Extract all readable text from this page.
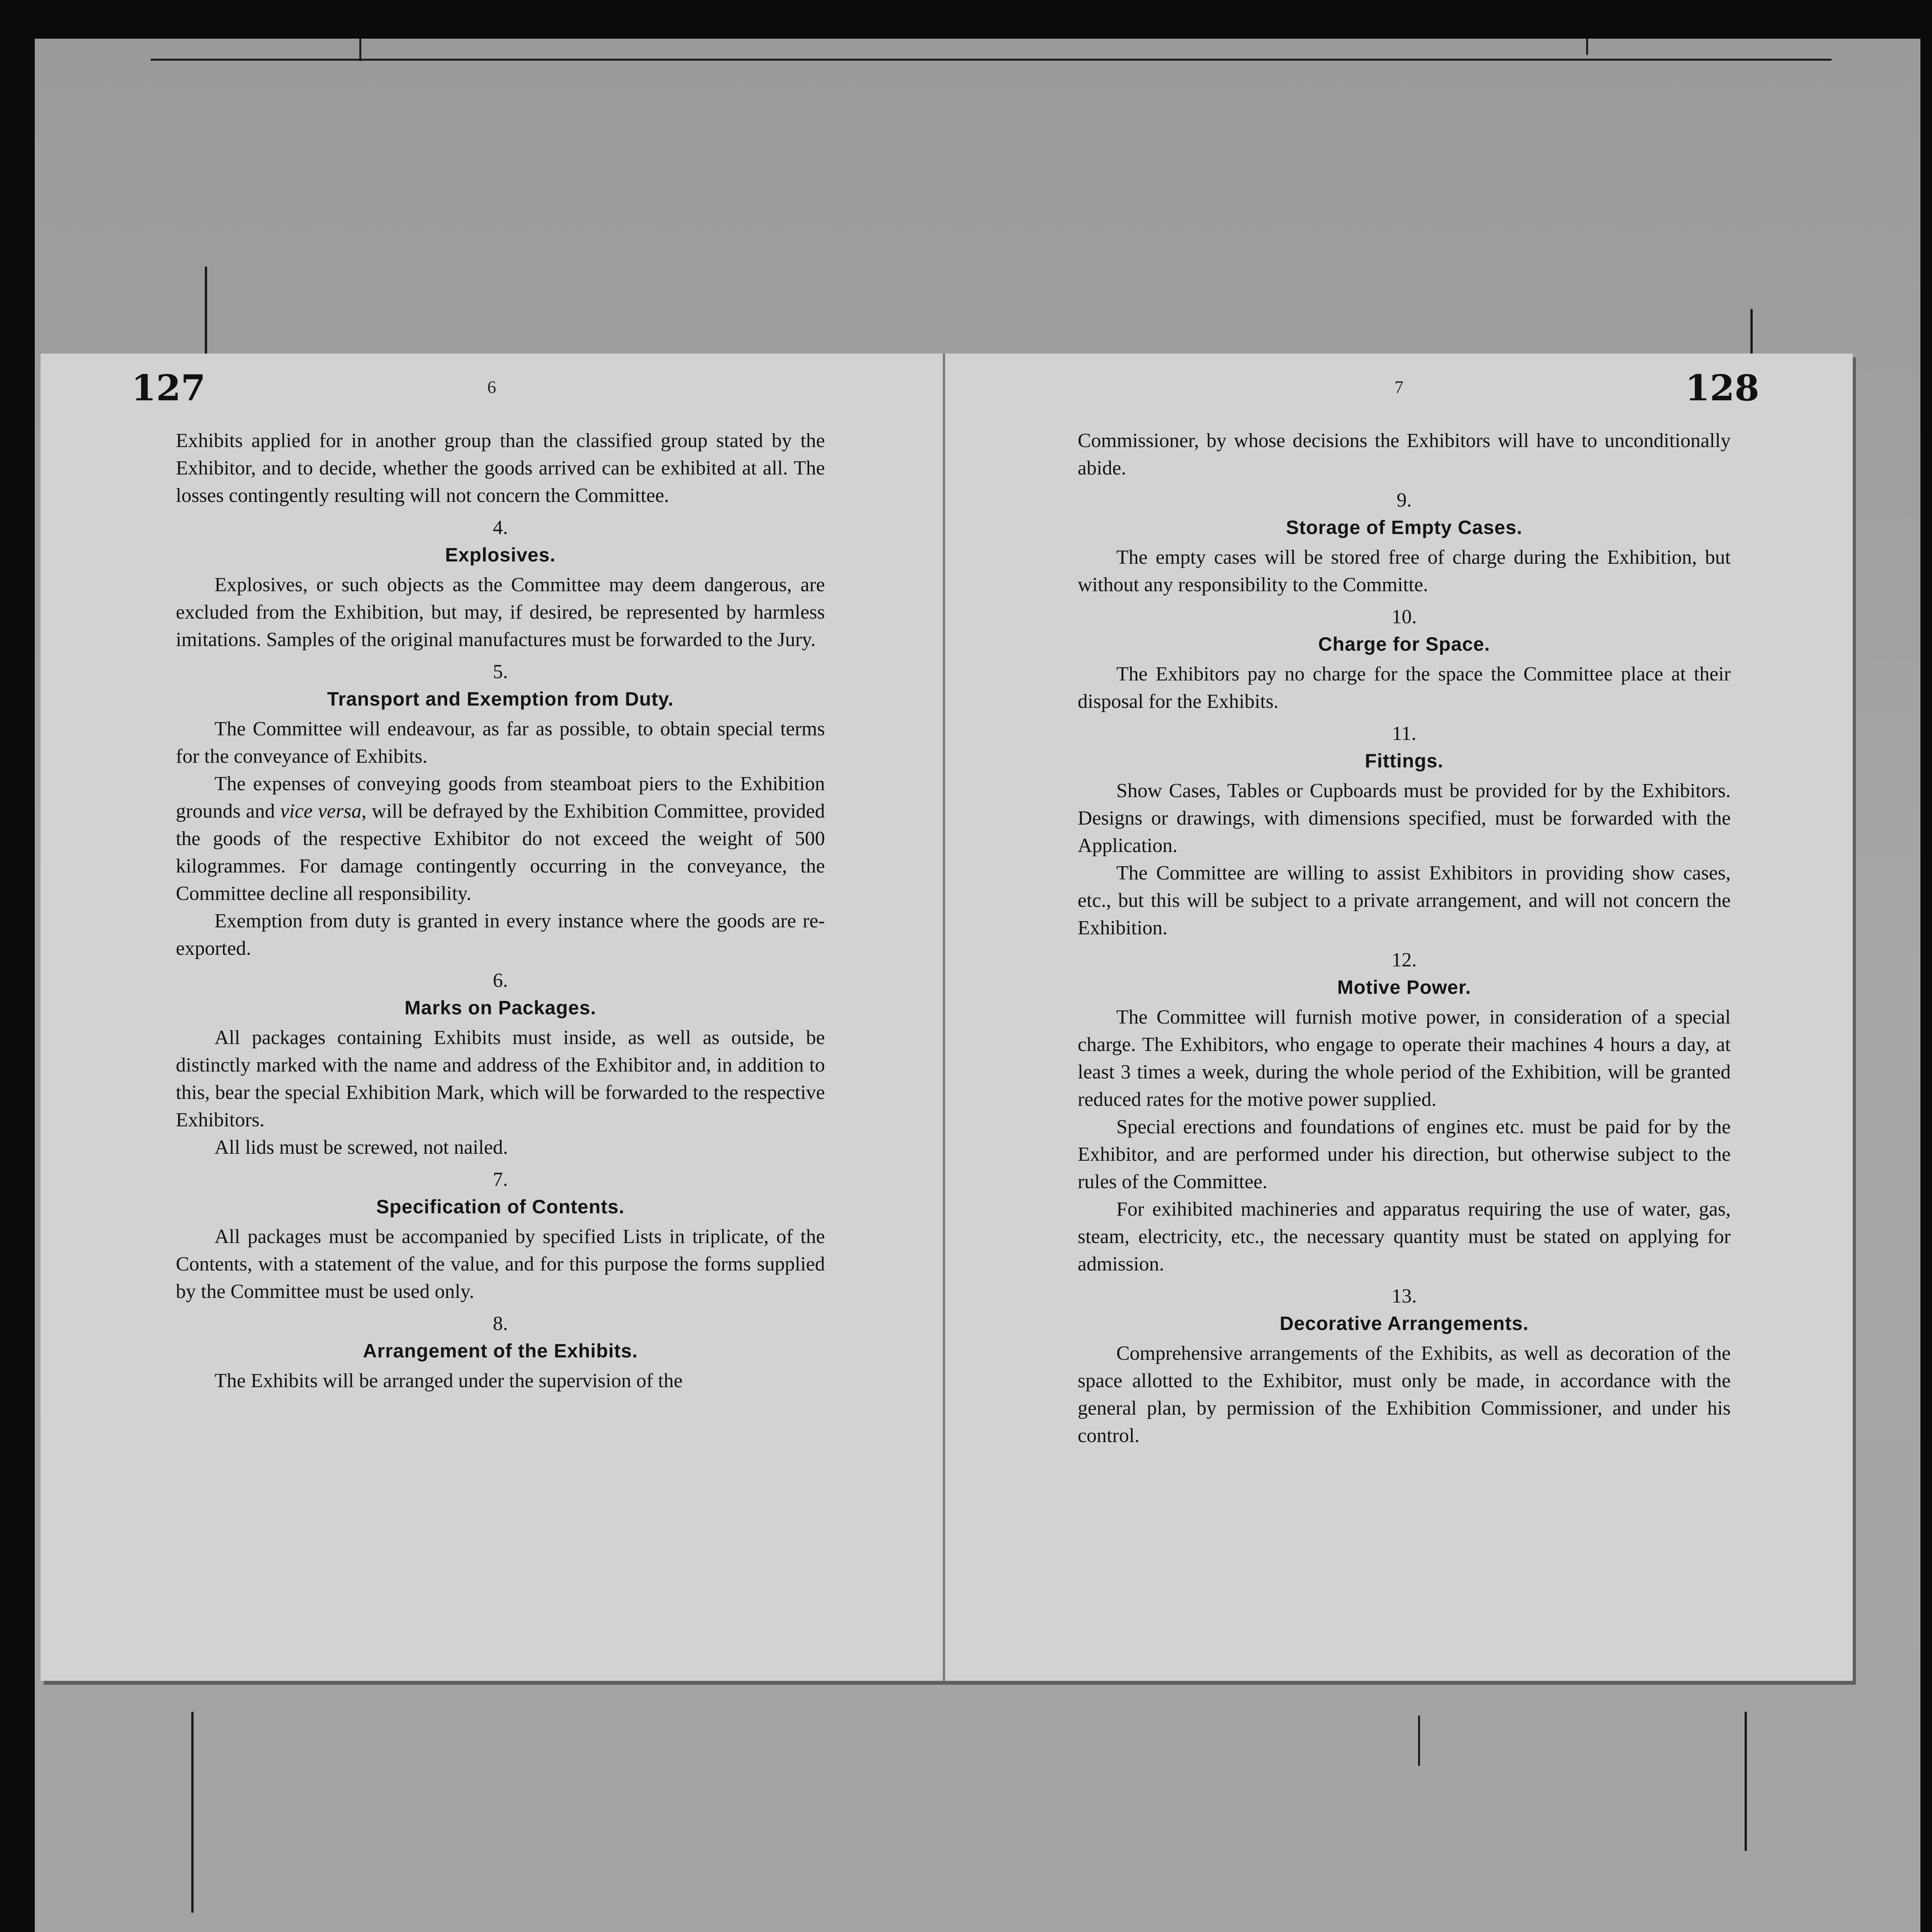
127	6

Exhibits applied for in another group than the classified group stated by the Exhibitor, and to decide, whether the goods arrived can be exhibited at all. The losses contingently resulting will not concern the Committee.

4.
Explosives.

Explosives, or such objects as the Committee may deem dangerous, are excluded from the Exhibition, but may, if desired, be represented by harmless imitations. Samples of the original manufactures must be forwarded to the Jury.

5.
Transport and Exemption from Duty.

The Committee will endeavour, as far as possible, to obtain special terms for the conveyance of Exhibits.

The expenses of conveying goods from steamboat piers to the Exhibition grounds and vice versa, will be defrayed by the Exhibition Committee, provided the goods of the respective Exhibitor do not exceed the weight of 500 kilogrammes. For damage contingently occurring in the conveyance, the Committee decline all responsibility.

Exemption from duty is granted in every instance where the goods are re-exported.

6.
Marks on Packages.

All packages containing Exhibits must inside, as well as outside, be distinctly marked with the name and address of the Exhibitor and, in addition to this, bear the special Exhibition Mark, which will be forwarded to the respective Exhibitors.

All lids must be screwed, not nailed.

7.
Specification of Contents.

All packages must be accompanied by specified Lists in triplicate, of the Contents, with a statement of the value, and for this purpose the forms supplied by the Committee must be used only.

8.
Arrangement of the Exhibits.

The Exhibits will be arranged under the supervision of the

128
7

Commissioner, by whose decisions the Exhibitors will have to unconditionally abide.

9.
Storage of Empty Cases.

The empty cases will be stored free of charge during the Exhibition, but without any responsibility to the Committe.

10.
Charge for Space.

The Exhibitors pay no charge for the space the Committee place at their disposal for the Exhibits.

11.
Fittings.

Show Cases, Tables or Cupboards must be provided for by the Exhibitors. Designs or drawings, with dimensions specified, must be forwarded with the Application.

The Committee are willing to assist Exhibitors in providing show cases, etc., but this will be subject to a private arrangement, and will not concern the Exhibition.

12.
Motive Power.

The Committee will furnish motive power, in consideration of a special charge. The Exhibitors, who engage to operate their machines 4 hours a day, at least 3 times a week, during the whole period of the Exhibition, will be granted reduced rates for the motive power supplied.

Special erections and foundations of engines etc. must be paid for by the Exhibitor, and are performed under his direction, but otherwise subject to the rules of the Committee.

For exihibited machineries and apparatus requiring the use of water, gas, steam, electricity, etc., the necessary quantity must be stated on applying for admission.

13.
Decorative Arrangements.

Comprehensive arrangements of the Exhibits, as well as decoration of the space allotted to the Exhibitor, must only be made, in accordance with the general plan, by permission of the Exhibition Commissioner, and under his control.
